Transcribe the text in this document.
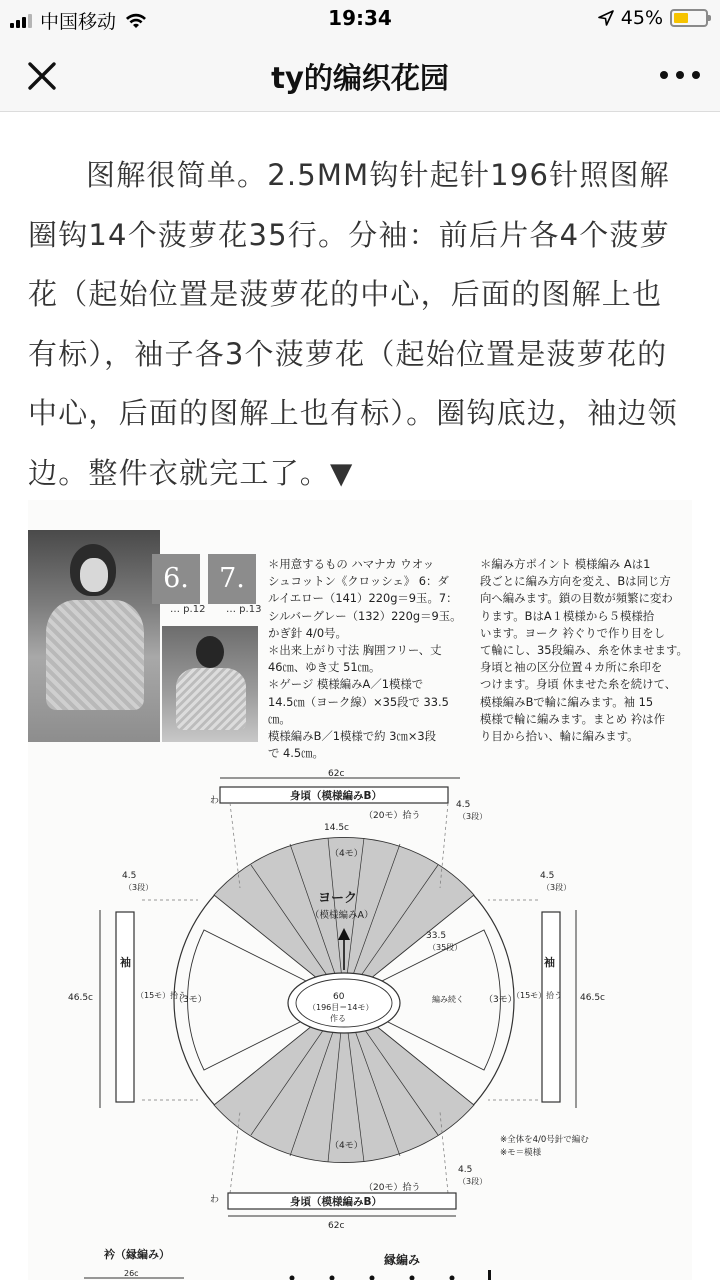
中国移动	19:34	45%
ty的编织花园
图解很简单。2.5MM钩针起针196针照图解圈钩14个菠萝花35行。分袖：前后片各4个菠萝花（起始位置是菠萝花的中心，后面的图解上也有标），袖子各3个菠萝花（起始位置是菠萝花的中心，后面的图解上也有标）。圈钩底边，袖边领边。整件衣就完工了。▼
6.	7.
… p.12 … p.13
＊用意するもの ハマナカ ウオッ
シュコットン《クロッシェ》 6：ダ
ルイエロー（141）220g＝9玉。7：
シルバーグレー（132）220g＝9玉。
かぎ針 4/0号。
＊出来上がり寸法 胸囲フリー、丈
46㎝、ゆき丈 51㎝。
＊ゲージ 模様編みA／1模様で
14.5㎝（ヨーク線）×35段で 33.5㎝。
模様編みB／1模様で約 3㎝×3段
で 4.5㎝。
＊編み方ポイント 模様編み Aは1
段ごとに編み方向を変え、Bは同じ方
向へ編みます。鎖の目数が頻繁に変わ
ります。BはA１模様から５模様拾
います。ヨーク 衿ぐりで作り目をし
て輪にし、35段編み、糸を休ませます。
身頃と袖の区分位置４カ所に糸印を
つけます。身頃 休ませた糸を続けて、
模様編みBで輪に編みます。袖 15
模様で輪に編みます。まとめ 衿は作
り目から拾い、輪に編みます。
62c
わ	身頃（模様編みB）
（20モ）拾う
4.5
（3段）
14.5c
（4モ）
ヨーク
（模様編みA）
33.5
（35段）
60
（196目＝14モ）
作る
編み続く
（3モ）	（3モ）
（4モ）
袖
46.5c	（15モ）拾う
4.5
（3段）
袖
46.5c
（15モ）拾う
4.5
（3段）
※全体を4/0号針で編む
※モ＝模様
（20モ）拾う
4.5
（3段）
わ	身頃（模様編みB）
62c
衿（縁編み）
26c
縁編み
